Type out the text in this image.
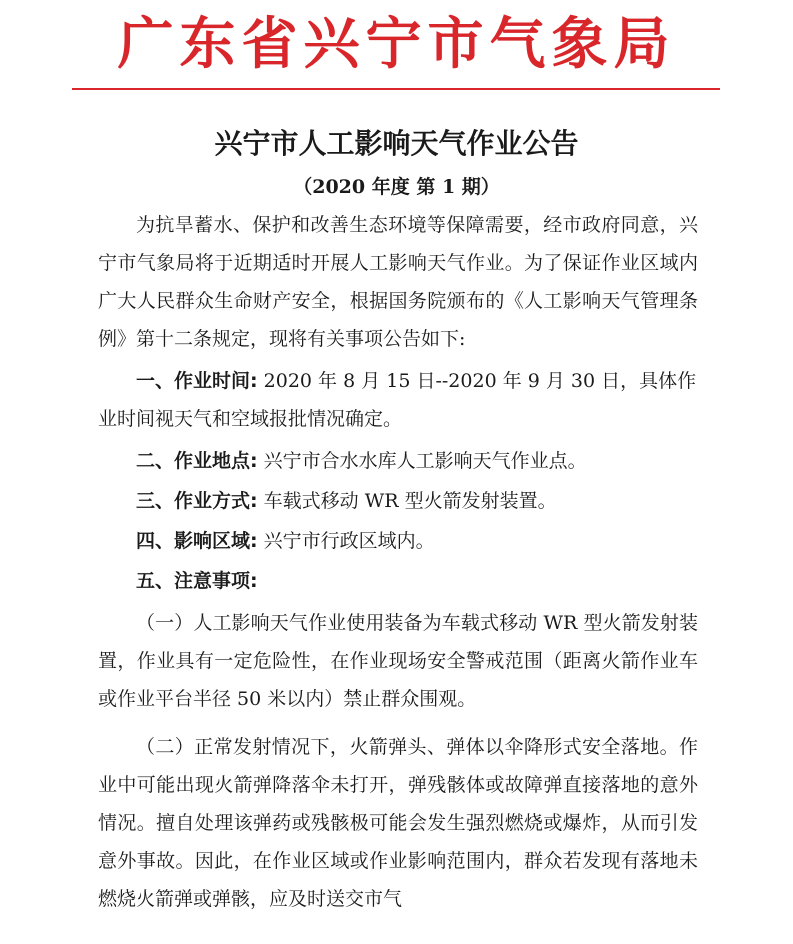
广东省兴宁市气象局
兴宁市人工影响天气作业公告
（2020 年度 第 1 期）
为抗旱蓄水、保护和改善生态环境等保障需要，经市政府同意，兴宁市气象局将于近期适时开展人工影响天气作业。为了保证作业区域内广大人民群众生命财产安全，根据国务院颁布的《人工影响天气管理条例》第十二条规定，现将有关事项公告如下:
一、作业时间: 2020 年 8 月 15 日--2020 年 9 月 30 日，具体作业时间视天气和空域报批情况确定。
二、作业地点: 兴宁市合水水库人工影响天气作业点。
三、作业方式: 车载式移动 WR 型火箭发射装置。
四、影响区域: 兴宁市行政区域内。
五、注意事项:
（一）人工影响天气作业使用装备为车载式移动 WR 型火箭发射装置，作业具有一定危险性，在作业现场安全警戒范围（距离火箭作业车或作业平台半径 50 米以内）禁止群众围观。
（二）正常发射情况下，火箭弹头、弹体以伞降形式安全落地。作业中可能出现火箭弹降落伞未打开，弹残骸体或故障弹直接落地的意外情况。擅自处理该弹药或残骸极可能会发生强烈燃烧或爆炸，从而引发意外事故。因此，在作业区域或作业影响范围内，群众若发现有落地未燃烧火箭弹或弹骸，应及时送交市气
